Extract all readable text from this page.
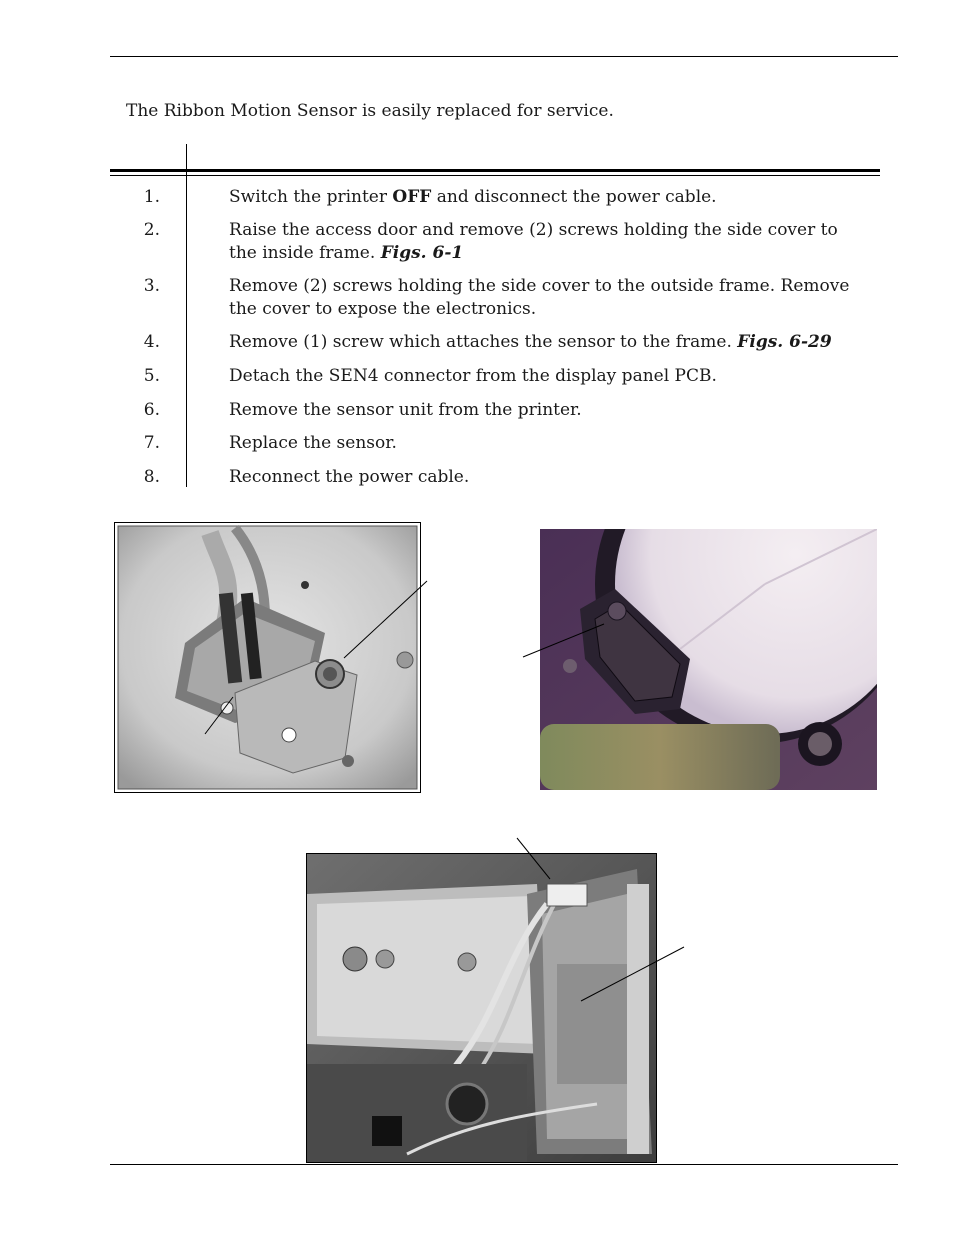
The Ribbon Motion Sensor is easily replaced for service.
1.	Switch the printer OFF and disconnect the power cable.
2.	Raise the access door and remove (2) screws holding the side cover to the inside frame. Figs. 6-1
3.	Remove (2) screws holding the side cover to the outside frame. Remove the cover to expose the electronics.
4.	Remove (1) screw which attaches the sensor to the frame. Figs. 6-29
5.	Detach the SEN4 connector from the display panel PCB.
6.	Remove the sensor unit from the printer.
7.	Replace the sensor.
8.	Reconnect the power cable.
